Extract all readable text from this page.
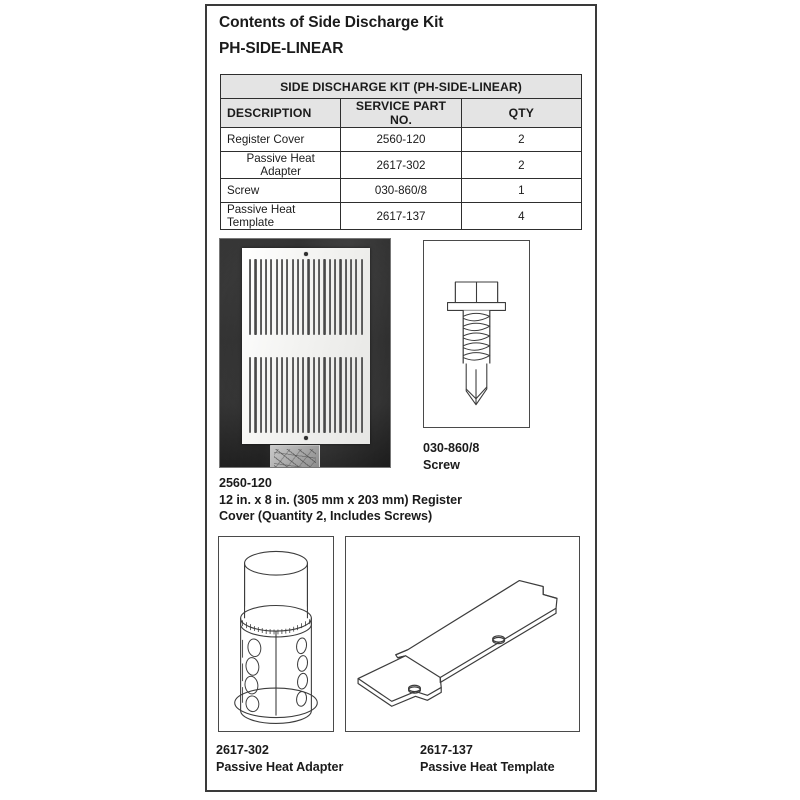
Contents of Side Discharge Kit
PH-SIDE-LINEAR
SIDE DISCHARGE KIT (PH-SIDE-LINEAR)		
DESCRIPTION	SERVICE PART NO.	QTY
Register Cover	2560-120	2
Passive Heat Adapter	2617-302	2
Screw	030-860/8	1
Passive Heat Template	2617-137	4
2560-120
12 in. x 8 in. (305 mm x 203 mm) Register
Cover (Quantity 2, Includes Screws)
030-860/8
Screw
2617-302
Passive Heat Adapter
2617-137
Passive Heat Template
